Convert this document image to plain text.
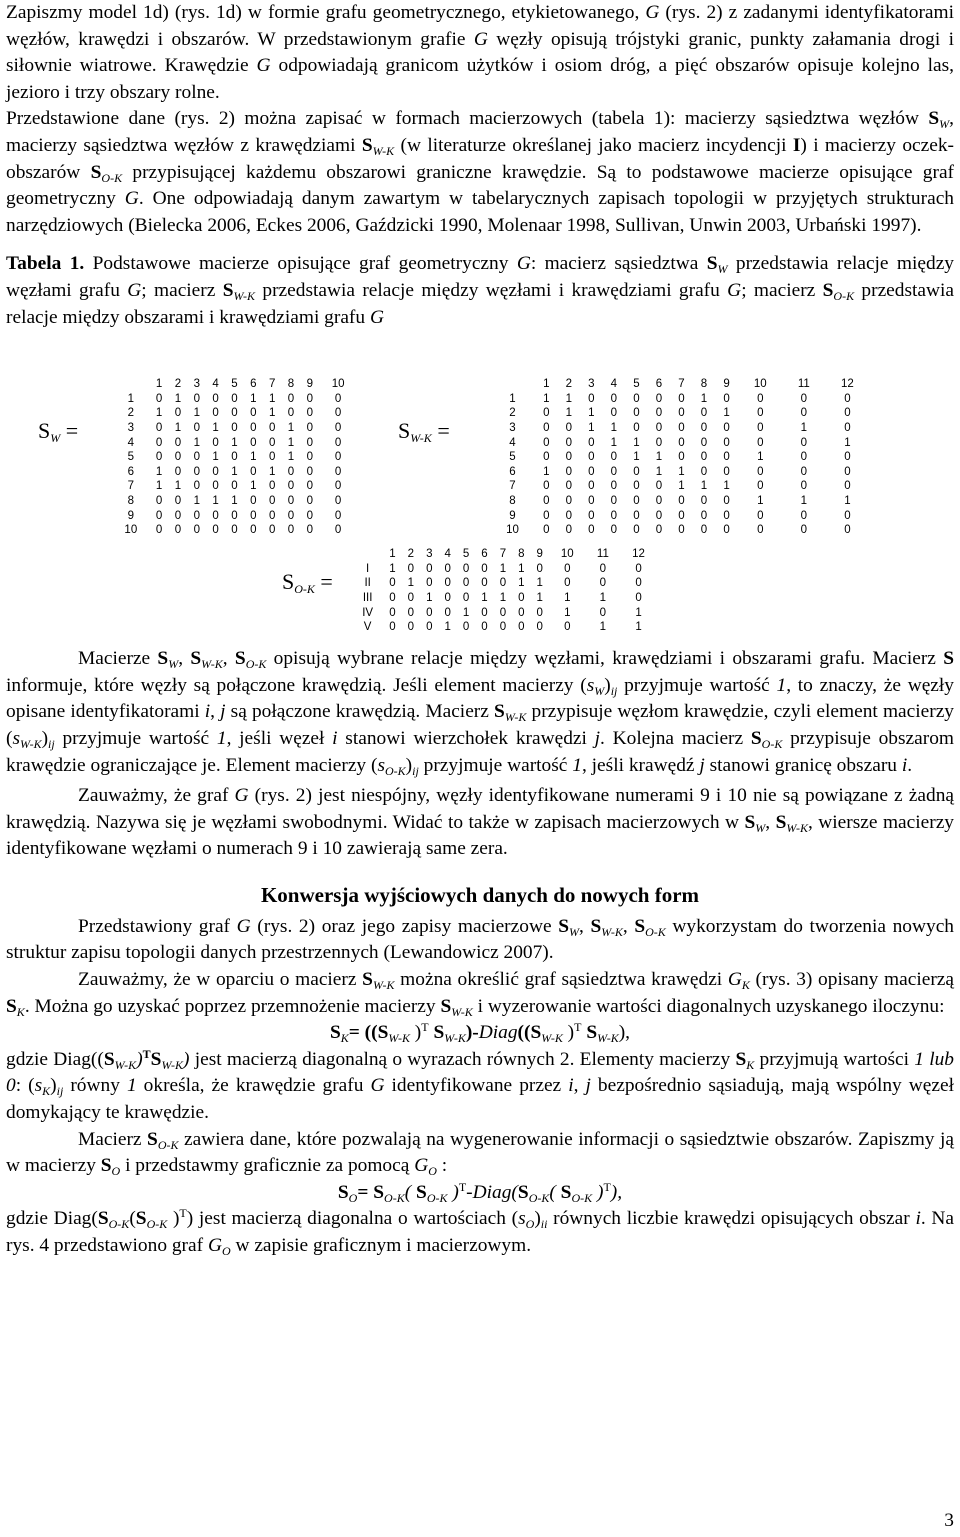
Zapiszmy model 1d) (rys. 1d) w formie grafu geometrycznego, etykietowanego, G (rys. 2) z zadanymi identyfikatorami węzłów, krawędzi i obszarów. W przedstawionym grafie G węzły opisują trójstyki granic, punkty załamania drogi i siłownie wiatrowe. Krawędzie G odpowiadają granicom użytków i osiom dróg, a pięć obszarów opisuje kolejno las, jezioro i trzy obszary rolne.

Przedstawione dane (rys. 2) można zapisać w formach macierzowych (tabela 1): macierzy sąsiedztwa węzłów $S_W$, macierzy sąsiedztwa węzłów z krawędziami $S_{W-K}$ (w literaturze określanej jako macierz incydencji I) i macierzy oczek-obszarów $S_{O-K}$ przypisującej każdemu obszarowi graniczne krawędzie. Są to podstawowe macierze opisujące graf geometryczny G. One odpowiadają danym zawartym w tabelarycznych zapisach topologii w przyjętych strukturach narzędziowych (Bielecka 2006, Eckes 2006, Gaździcki 1990, Molenaar 1998, Sullivan, Unwin 2003, Urbański 1997).

Tabela 1. Podstawowe macierze opisujące graf geometryczny G: macierz sąsiedztwa $S_W$ przedstawia relacje między węzłami grafu G; macierz $S_{W-K}$ przedstawia relacje między węzłami i krawędziami grafu G; macierz $S_{O-K}$ przedstawia relacje między obszarami i krawędziami grafu G

Macierze $S_W$, $S_{W-K}$, $S_{O-K}$ opisują wybrane relacje między węzłami, krawędziami i obszarami grafu. Macierz S informuje, które węzły są połączone krawędzią. Jeśli element macierzy $(s_W)_{ij}$ przyjmuje wartość 1, to znaczy, że węzły opisane identyfikatorami i, j są połączone krawędzią. Macierz $S_{W-K}$ przypisuje węzłom krawędzie, czyli element macierzy $(s_{W-K})_{ij}$ przyjmuje wartość 1, jeśli węzeł i stanowi wierzchołek krawędzi j. Kolejna macierz $S_{O-K}$ przypisuje obszarom krawędzie ograniczające je. Element macierzy $(s_{O-K})_{ij}$ przyjmuje wartość 1, jeśli krawędź j stanowi granicę obszaru i.

Zauważmy, że graf G (rys. 2) jest niespójny, węzły identyfikowane numerami 9 i 10 nie są powiązane z żadną krawędzią. Nazywa się je węzłami swobodnymi. Widać to także w zapisach macierzowych w $S_W$, $S_{W-K}$, wiersze macierzy identyfikowane węzłami o numerach 9 i 10 zawierają same zera.

Konwersja wyjściowych danych do nowych form

Przedstawiony graf G (rys. 2) oraz jego zapisy macierzowe $S_W$, $S_{W-K}$, $S_{O-K}$ wykorzystam do tworzenia nowych struktur zapisu topologii danych przestrzennych (Lewandowicz 2007).

Zauważmy, że w oparciu o macierz $S_{W-K}$ można określić graf sąsiedztwa krawędzi $G_K$ (rys. 3) opisany macierzą $S_K$. Można go uzyskać poprzez przemnożenie macierzy $S_{W-K}$ i wyzerowanie wartości diagonalnych uzyskanego iloczynu:

$S_K= ((S_{W-K}$ )$^T$ $S_{W-K})-Diag((S_{W-K}$ )$^T$ $S_{W-K}$),

gdzie $Diag((S_{W-K})^TS_{W-K})$ jest macierzą diagonalną o wyrazach równych 2. Elementy macierzy $S_K$ przyjmują wartości 1 lub 0: $(s_K)_{ij}$ równy 1 określa, że krawędzie grafu G identyfikowane przez i, j bezpośrednio sąsiadują, mają wspólny węzeł domykający te krawędzie.

Macierz $S_{O-K}$ zawiera dane, które pozwalają na wygenerowanie informacji o sąsiedztwie obszarów. Zapiszmy ją w macierzy $S_O$ i przedstawmy graficznie za pomocą $G_O$ :

$S_O= S_{O-K}$( $S_{O-K}$ )$^T-Diag(S_{O-K}$( $S_{O-K}$ )$^T$),

gdzie $Diag(S_{O-K}(S_{O-K}$ )$^T$) jest macierzą diagonalna o wartościach $(s_O)_{ii}$ równych liczbie krawędzi opisujących obszar i. Na rys. 4 przedstawiono graf $G_O$ w zapisie graficznym i macierzowym.

$S_W$ =	$S_{W-K}$ =
$S_{O-K}$ =
	1	2	3	4	5	6	7	8	9	10
1	0	1	0	0	0	1	1	0	0	0
2	1	0	1	0	0	0	1	0	0	0
3	0	1	0	1	0	0	0	1	0	0
4	0	0	1	0	1	0	0	1	0	0
5	0	0	0	1	0	1	0	1	0	0
6	1	0	0	0	1	0	1	0	0	0
7	1	1	0	0	0	1	0	0	0	0
8	0	0	1	1	1	0	0	0	0	0
9	0	0	0	0	0	0	0	0	0	0
10	0	0	0	0	0	0	0	0	0	0
	1	2	3	4	5	6	7	8	9	10	11	12
1	1	1	0	0	0	0	0	1	0	0	0	0
2	0	1	1	0	0	0	0	0	1	0	0	0
3	0	0	1	1	0	0	0	0	0	0	1	0
4	0	0	0	1	1	0	0	0	0	0	0	1
5	0	0	0	0	1	1	0	0	0	1	0	0
6	1	0	0	0	0	1	1	0	0	0	0	0
7	0	0	0	0	0	0	1	1	1	0	0	0
8	0	0	0	0	0	0	0	0	0	1	1	1
9	0	0	0	0	0	0	0	0	0	0	0	0
10	0	0	0	0	0	0	0	0	0	0	0	0
	1	2	3	4	5	6	7	8	9	10	11	12
I	1	0	0	0	0	0	1	1	0	0	0	0
II	0	1	0	0	0	0	0	1	1	0	0	0
III	0	0	1	0	0	1	1	0	1	1	1	0
IV	0	0	0	0	1	0	0	0	0	1	0	1
V	0	0	0	1	0	0	0	0	0	0	1	1
3
